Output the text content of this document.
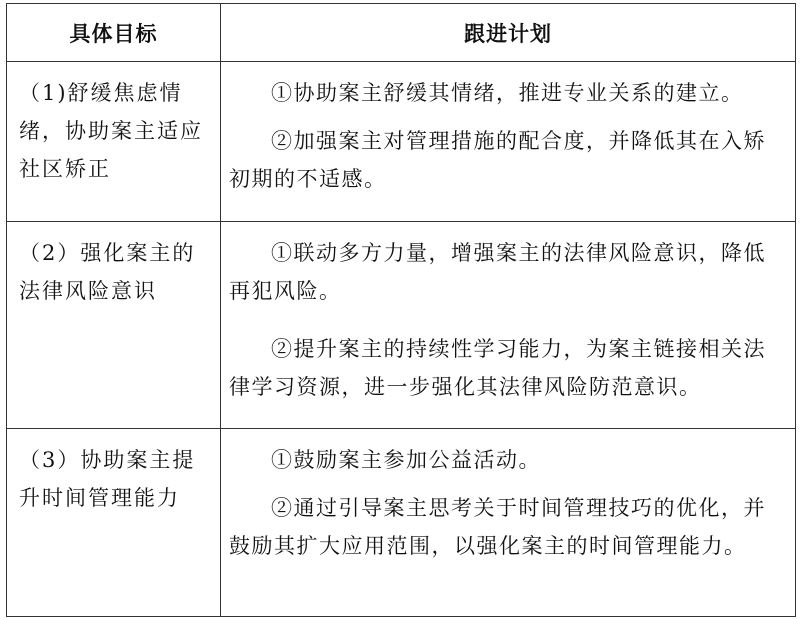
具体目标	跟进计划
（1)舒缓焦虑情绪，协助案主适应社区矫正	①协助案主舒缓其情绪，推进专业关系的建立。

②加强案主对管理措施的配合度，并降低其在入矫初期的不适感。

（2）强化案主的法律风险意识	①联动多方力量，增强案主的法律风险意识，降低再犯风险。

②提升案主的持续性学习能力，为案主链接相关法律学习资源，进一步强化其法律风险防范意识。

（3）协助案主提升时间管理能力	①鼓励案主参加公益活动。

②通过引导案主思考关于时间管理技巧的优化，并鼓励其扩大应用范围，以强化案主的时间管理能力。
